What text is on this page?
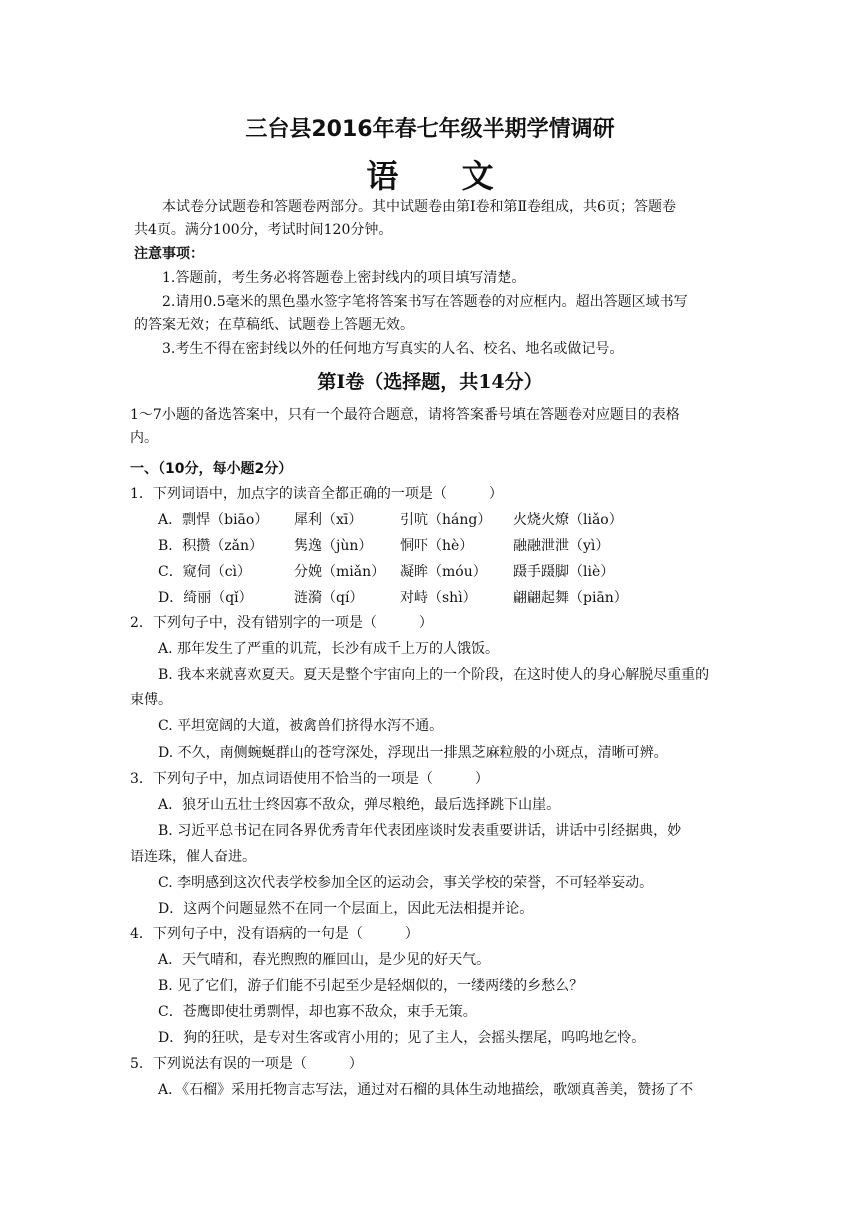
三台县2016年春七年级半期学情调研
语 文
本试卷分试题卷和答题卷两部分。其中试题卷由第Ⅰ卷和第Ⅱ卷组成，共6页；答题卷
共4页。满分100分，考试时间120分钟。
注意事项：
1.答题前，考生务必将答题卷上密封线内的项目填写清楚。
2.请用0.5毫米的黑色墨水签字笔将答案书写在答题卷的对应框内。超出答题区域书写
的答案无效；在草稿纸、试题卷上答题无效。
3.考生不得在密封线以外的任何地方写真实的人名、校名、地名或做记号。
第Ⅰ卷（选择题，共14分）
1～7小题的备选答案中，只有一个最符合题意，请将答案番号填在答题卷对应题目的表格
内。
一、（10分，每小题2分）
1．下列词语中，加点字的读音全都正确的一项是（　　　）
A．剽悍（biāo） 犀利（xī）	引吭（háng） 火烧火燎（liǎo）
B．积攒（zǎn） 隽逸（jùn） 恫吓（hè）	融融泄泄（yì）
C．窥伺（cì）	分娩（miǎn） 凝眸（móu） 蹑手蹑脚（liè）
D．绮丽（qǐ）	涟漪（qí）	对峙（shì）	翩翩起舞（piān）
2．下列句子中，没有错别字的一项是（　　　）
A. 那年发生了严重的讥荒，长沙有成千上万的人饿饭。
B. 我本来就喜欢夏天。夏天是整个宇宙向上的一个阶段，在这时使人的身心解脱尽重重的
束傅。
C. 平坦宽阔的大道，被禽兽们挤得水泻不通。
D. 不久，南侧蜿蜒群山的苍穹深处，浮现出一排黑芝麻粒般的小斑点，清晰可辨。
3．下列句子中，加点词语使用不恰当的一项是（　　　）
A．狼牙山五壮士终因寡不敌众，弹尽粮绝，最后选择跳下山崖。
B. 习近平总书记在同各界优秀青年代表团座谈时发表重要讲话，讲话中引经据典，妙
语连珠，催人奋进。
C. 李明感到这次代表学校参加全区的运动会，事关学校的荣誉，不可轻举妄动。
D．这两个问题显然不在同一个层面上，因此无法相提并论。
4．下列句子中，没有语病的一句是（　　　）
A．天气晴和，春光煦煦的雁回山，是少见的好天气。
B. 见了它们，游子们能不引起至少是轻烟似的，一缕两缕的乡愁么？
C．苍鹰即使壮勇剽悍，却也寡不敌众，束手无策。
D．狗的狂吠，是专对生客或宵小用的；见了主人，会摇头摆尾，呜呜地乞怜。
5．下列说法有误的一项是（　　　）
A．《石榴》采用托物言志写法，通过对石榴的具体生动地描绘，歌颂真善美，赞扬了不
